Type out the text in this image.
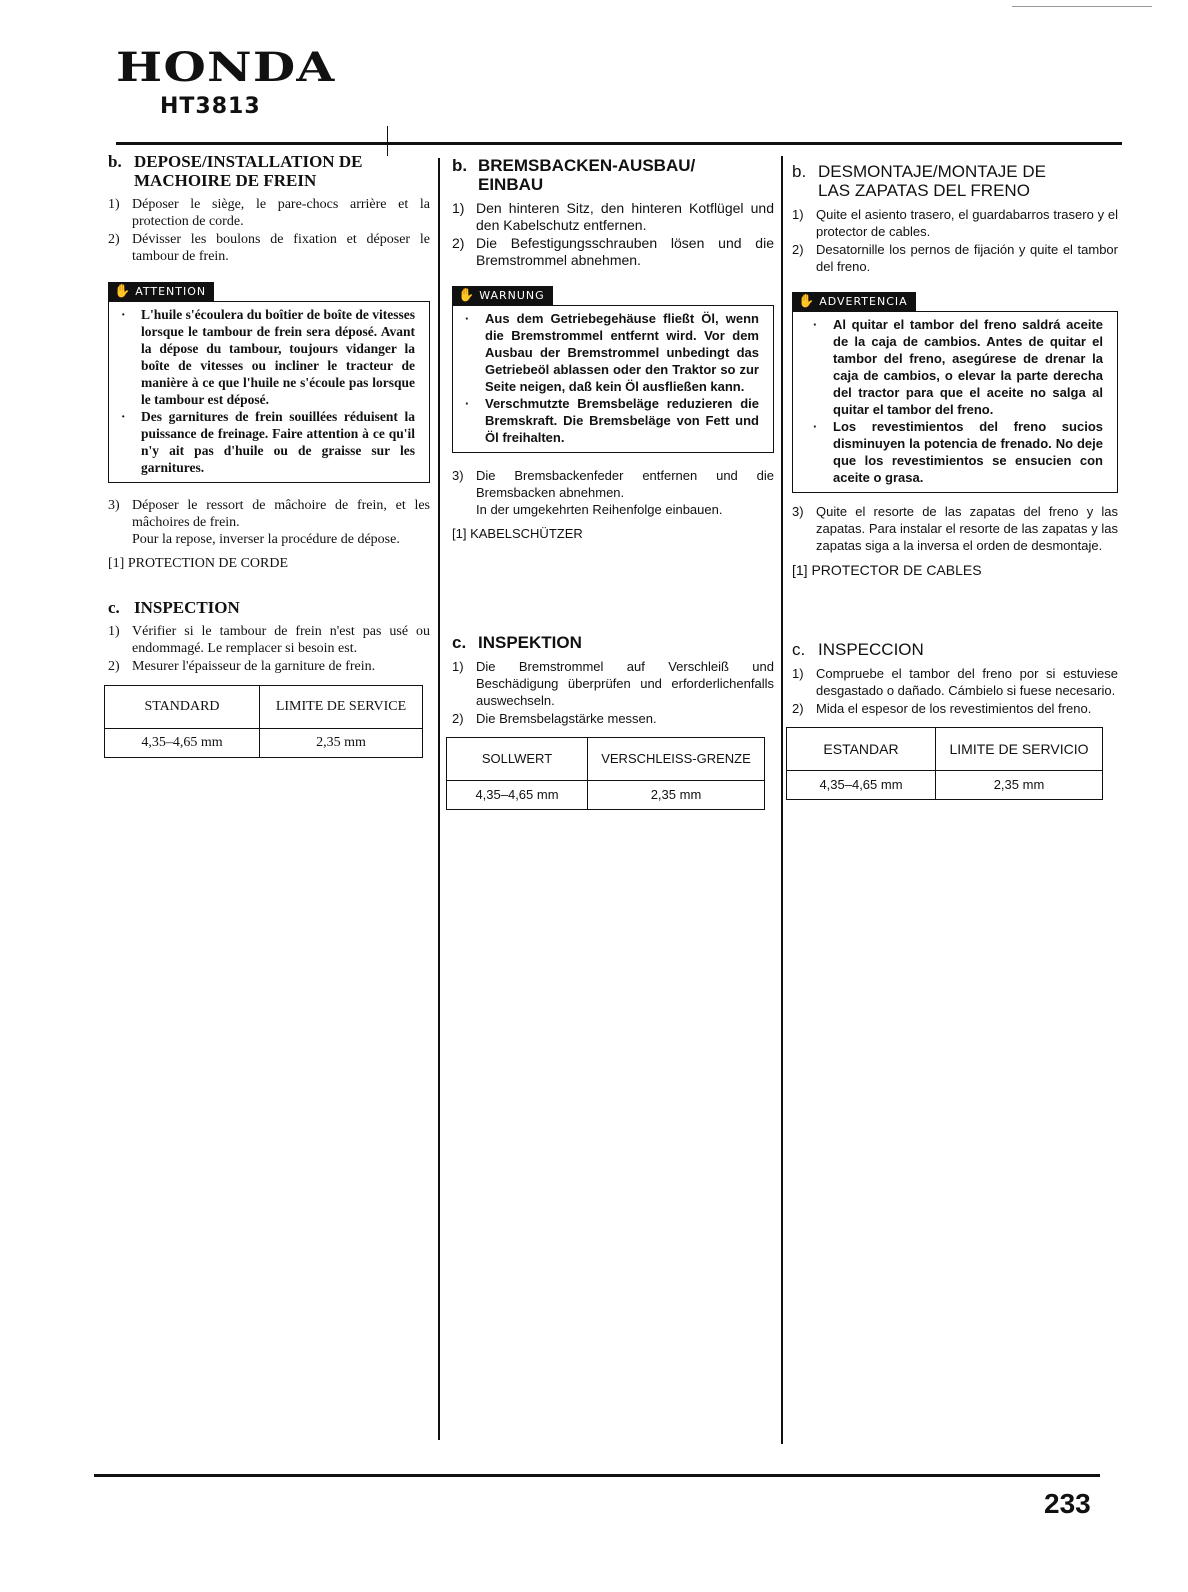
HONDA
HT3813
b. DEPOSE/INSTALLATION DE
MACHOIRE DE FREIN
1) Déposer le siège, le pare-chocs arrière et la protection de corde.
2) Dévisser les boulons de fixation et déposer le tambour de frein.
✋ ATTENTION
·	L'huile s'écoulera du boîtier de boîte de vitesses lorsque le tambour de frein sera déposé. Avant la dépose du tambour, toujours vidanger la boîte de vitesses ou incliner le tracteur de manière à ce que l'huile ne s'écoule pas lorsque le tambour est déposé.
·	Des garnitures de frein souillées réduisent la puissance de freinage. Faire attention à ce qu'il n'y ait pas d'huile ou de graisse sur les garnitures.
3) Déposer le ressort de mâchoire de frein, et les mâchoires de frein.
Pour la repose, inverser la procédure de dépose.
[1] PROTECTION DE CORDE
c. INSPECTION
1) Vérifier si le tambour de frein n'est pas usé ou endommagé. Le remplacer si besoin est.
2) Mesurer l'épaisseur de la garniture de frein.
STANDARD	LIMITE DE SERVICE
4,35–4,65 mm	2,35 mm
b. BREMSBACKEN-AUSBAU/
EINBAU
1) Den hinteren Sitz, den hinteren Kotflügel und den Kabelschutz entfernen.
2) Die Befestigungsschrauben lösen und die Bremstrommel abnehmen.
✋ WARNUNG
·	Aus dem Getriebegehäuse fließt Öl, wenn die Bremstrommel entfernt wird. Vor dem Ausbau der Bremstrommel unbedingt das Getriebeöl ablassen oder den Traktor so zur Seite neigen, daß kein Öl ausfließen kann.
·	Verschmutzte Bremsbeläge reduzieren die Bremskraft. Die Bremsbeläge von Fett und Öl freihalten.
3) Die Bremsbackenfeder entfernen und die Bremsbacken abnehmen.
In der umgekehrten Reihenfolge einbauen.
[1] KABELSCHÜTZER
c. INSPEKTION
1) Die Bremstrommel auf Verschleiß und Beschädigung überprüfen und erforderlichenfalls auswechseln.
2) Die Bremsbelagstärke messen.
SOLLWERT	VERSCHLEISS-GRENZE
4,35–4,65 mm	2,35 mm
b. DESMONTAJE/MONTAJE DE
LAS ZAPATAS DEL FRENO
1) Quite el asiento trasero, el guardabarros trasero y el protector de cables.
2) Desatornille los pernos de fijación y quite el tambor del freno.
✋ ADVERTENCIA
·	Al quitar el tambor del freno saldrá aceite de la caja de cambios. Antes de quitar el tambor del freno, asegúrese de drenar la caja de cambios, o elevar la parte derecha del tractor para que el aceite no salga al quitar el tambor del freno.
·	Los revestimientos del freno sucios disminuyen la potencia de frenado. No deje que los revestimientos se ensucien con aceite o grasa.
3) Quite el resorte de las zapatas del freno y las zapatas. Para instalar el resorte de las zapatas y las zapatas siga a la inversa el orden de desmontaje.
[1] PROTECTOR DE CABLES
c. INSPECCION
1) Compruebe el tambor del freno por si estuviese desgastado o dañado. Cámbielo si fuese necesario.
2) Mida el espesor de los revestimientos del freno.
ESTANDAR	LIMITE DE SERVICIO
4,35–4,65 mm	2,35 mm
233
